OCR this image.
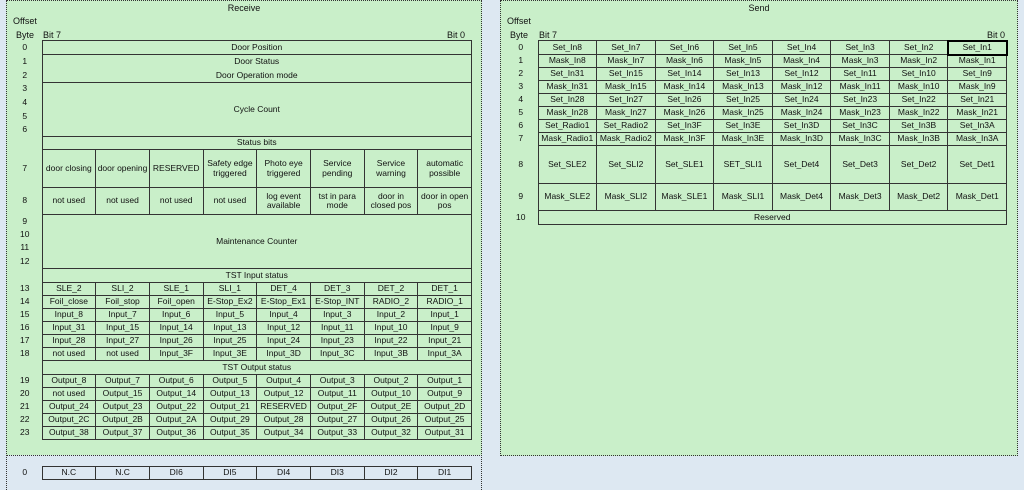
Receive
Offset
Byte Bit 7	Bit 0
0	Door Position							
1	Door Status							
2	Door Operation mode							
3	Cycle Count							
4								
5								
6								
	Status bits							
7	door closing	door opening	RESERVED	Safety edge triggered	Photo eye triggered	Service pending	Service warning	automatic possible
8	not used	not used	not used	not used	log event available	tst in para mode	door in closed pos	door in open pos
9	Maintenance Counter							
10								
11								
12								
	TST Input status							
13	SLE_2	SLI_2	SLE_1	SLI_1	DET_4	DET_3	DET_2	DET_1
14	Foil_close	Foil_stop	Foil_open	E-Stop_Ex2	E-Stop_Ex1	E-Stop_INT	RADIO_2	RADIO_1
15	Input_8	Input_7	Input_6	Input_5	Input_4	Input_3	Input_2	Input_1
16	Input_31	Input_15	Input_14	Input_13	Input_12	Input_11	Input_10	Input_9
17	Input_28	Input_27	Input_26	Input_25	Input_24	Input_23	Input_22	Input_21
18	not used	not used	Input_3F	Input_3E	Input_3D	Input_3C	Input_3B	Input_3A
	TST Output status							
19	Output_8	Output_7	Output_6	Output_5	Output_4	Output_3	Output_2	Output_1
20	not used	Output_15	Output_14	Output_13	Output_12	Output_11	Output_10	Output_9
21	Output_24	Output_23	Output_22	Output_21	RESERVED	Output_2F	Output_2E	Output_2D
22	Output_2C	Output_2B	Output_2A	Output_29	Output_28	Output_27	Output_26	Output_25
23	Output_38	Output_37	Output_36	Output_35	Output_34	Output_33	Output_32	Output_31
0	N.C	N.C	DI6	DI5	DI4	DI3	DI2	DI1
Send
Offset
Byte Bit 7	Bit 0
0	Set_In8	Set_In7	Set_In6	Set_In5	Set_In4	Set_In3	Set_In2	Set_In1
1	Mask_In8	Mask_In7	Mask_In6	Mask_In5	Mask_In4	Mask_In3	Mask_In2	Mask_In1
2	Set_In31	Set_In15	Set_In14	Set_In13	Set_In12	Set_In11	Set_In10	Set_In9
3	Mask_In31	Mask_In15	Mask_In14	Mask_In13	Mask_In12	Mask_In11	Mask_In10	Mask_In9
4	Set_In28	Set_In27	Set_In26	Set_In25	Set_In24	Set_In23	Set_In22	Set_In21
5	Mask_In28	Mask_In27	Mask_In26	Mask_In25	Mask_In24	Mask_In23	Mask_In22	Mask_In21
6	Set_Radio1	Set_Radio2	Set_In3F	Set_In3E	Set_In3D	Set_In3C	Set_In3B	Set_In3A
7	Mask_Radio1	Mask_Radio2	Mask_In3F	Mask_In3E	Mask_In3D	Mask_In3C	Mask_In3B	Mask_In3A
8	Set_SLE2	Set_SLI2	Set_SLE1	SET_SLI1	Set_Det4	Set_Det3	Set_Det2	Set_Det1
9	Mask_SLE2	Mask_SLI2	Mask_SLE1	Mask_SLI1	Mask_Det4	Mask_Det3	Mask_Det2	Mask_Det1
10	Reserved							
